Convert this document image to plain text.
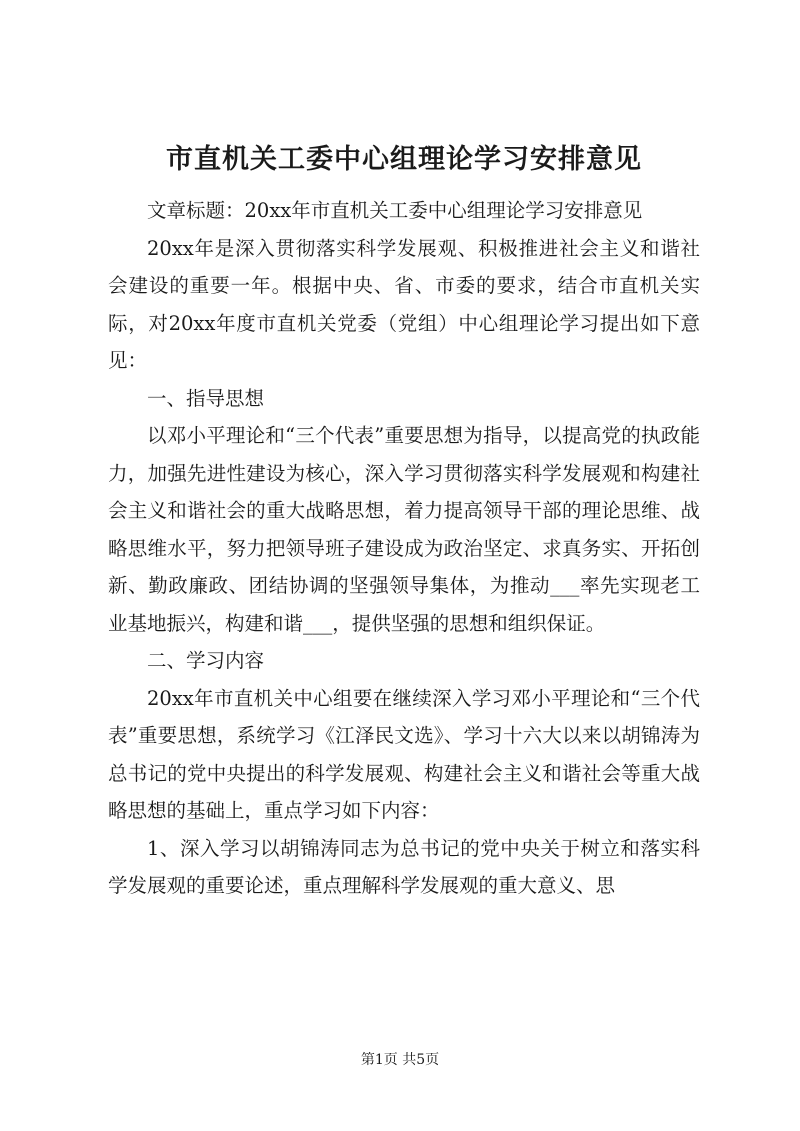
市直机关工委中心组理论学习安排意见

文章标题：20xx年市直机关工委中心组理论学习安排意见

20xx年是深入贯彻落实科学发展观、积极推进社会主义和谐社会建设的重要一年。根据中央、省、市委的要求，结合市直机关实际，对20xx年度市直机关党委（党组）中心组理论学习提出如下意见：

一、指导思想

以邓小平理论和“三个代表”重要思想为指导，以提高党的执政能力，加强先进性建设为核心，深入学习贯彻落实科学发展观和构建社会主义和谐社会的重大战略思想，着力提高领导干部的理论思维、战略思维水平，努力把领导班子建设成为政治坚定、求真务实、开拓创新、勤政廉政、团结协调的坚强领导集体，为推动___率先实现老工业基地振兴，构建和谐___，提供坚强的思想和组织保证。

二、学习内容

20xx年市直机关中心组要在继续深入学习邓小平理论和“三个代表”重要思想，系统学习《江泽民文选》、学习十六大以来以胡锦涛为总书记的党中央提出的科学发展观、构建社会主义和谐社会等重大战略思想的基础上，重点学习如下内容：

1、深入学习以胡锦涛同志为总书记的党中央关于树立和落实科学发展观的重要论述，重点理解科学发展观的重大意义、思

第1页 共5页
